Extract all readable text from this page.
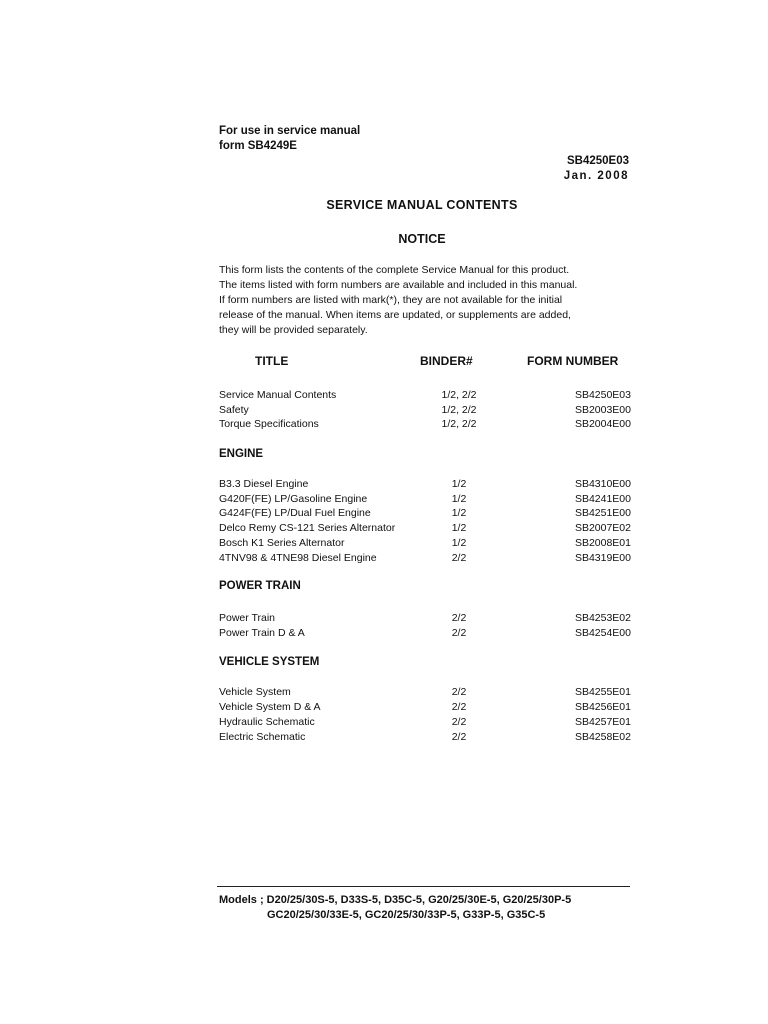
For use in service manual
form SB4249E
SB4250E03
Jan. 2008
SERVICE MANUAL CONTENTS
NOTICE
This form lists the contents of the complete Service Manual for this product.
The items listed with form numbers are available and included in this manual.
If form numbers are listed with mark(*), they are not available for the initial
release of the manual. When items are updated, or supplements are added,
they will be provided separately.
TITLE	BINDER#	FORM NUMBER
Service Manual Contents	1/2, 2/2	SB4250E03
Safety	1/2, 2/2	SB2003E00
Torque Specifications	1/2, 2/2	SB2004E00
ENGINE
B3.3 Diesel Engine	1/2	SB4310E00
G420F(FE) LP/Gasoline Engine	1/2	SB4241E00
G424F(FE) LP/Dual Fuel Engine	1/2	SB4251E00
Delco Remy CS-121 Series Alternator	1/2	SB2007E02
Bosch K1 Series Alternator	1/2	SB2008E01
4TNV98 & 4TNE98 Diesel Engine	2/2	SB4319E00
POWER TRAIN
Power Train	2/2	SB4253E02
Power Train D & A	2/2	SB4254E00
VEHICLE SYSTEM
Vehicle System	2/2	SB4255E01
Vehicle System D & A	2/2	SB4256E01
Hydraulic Schematic	2/2	SB4257E01
Electric Schematic	2/2	SB4258E02
Models ; D20/25/30S-5, D33S-5, D35C-5, G20/25/30E-5, G20/25/30P-5
GC20/25/30/33E-5, GC20/25/30/33P-5, G33P-5, G35C-5
